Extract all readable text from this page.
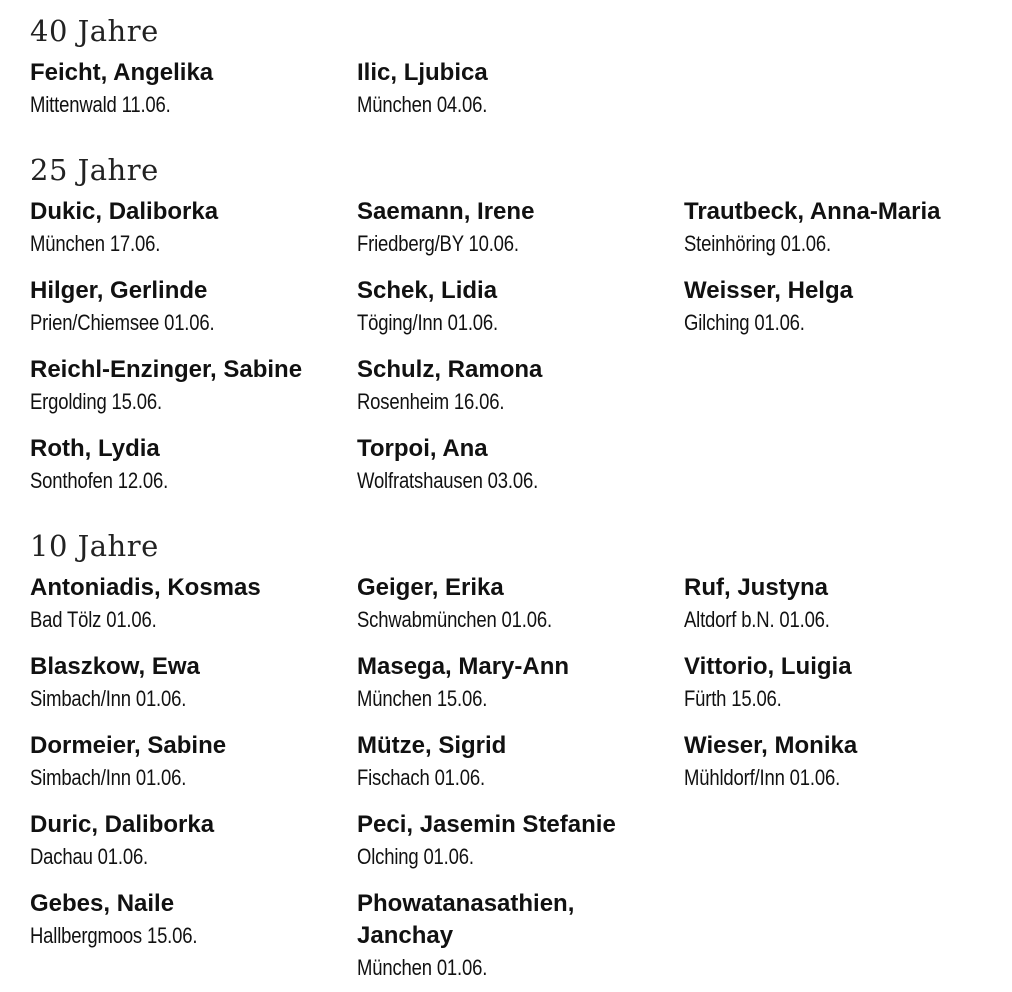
40 Jahre
Feicht, Angelika
Mittenwald 11.06.
Ilic, Ljubica
München 04.06.
25 Jahre
Dukic, Daliborka
München 17.06.
Hilger, Gerlinde
Prien/Chiemsee 01.06.
Reichl-Enzinger, Sabine
Ergolding 15.06.
Roth, Lydia
Sonthofen 12.06.
Saemann, Irene
Friedberg/BY 10.06.
Schek, Lidia
Töging/Inn 01.06.
Schulz, Ramona
Rosenheim 16.06.
Torpoi, Ana
Wolfratshausen 03.06.
Trautbeck, Anna-Maria
Steinhöring 01.06.
Weisser, Helga
Gilching 01.06.
10 Jahre
Antoniadis, Kosmas
Bad Tölz 01.06.
Blaszkow, Ewa
Simbach/Inn 01.06.
Dormeier, Sabine
Simbach/Inn 01.06.
Duric, Daliborka
Dachau 01.06.
Gebes, Naile
Hallbergmoos 15.06.
Geiger, Erika
Schwabmünchen 01.06.
Masega, Mary-Ann
München 15.06.
Mütze, Sigrid
Fischach 01.06.
Peci, Jasemin Stefanie
Olching 01.06.
Phowatanasathien, Janchay
München 01.06.
Ruf, Justyna
Altdorf b.N. 01.06.
Vittorio, Luigia
Fürth 15.06.
Wieser, Monika
Mühldorf/Inn 01.06.
